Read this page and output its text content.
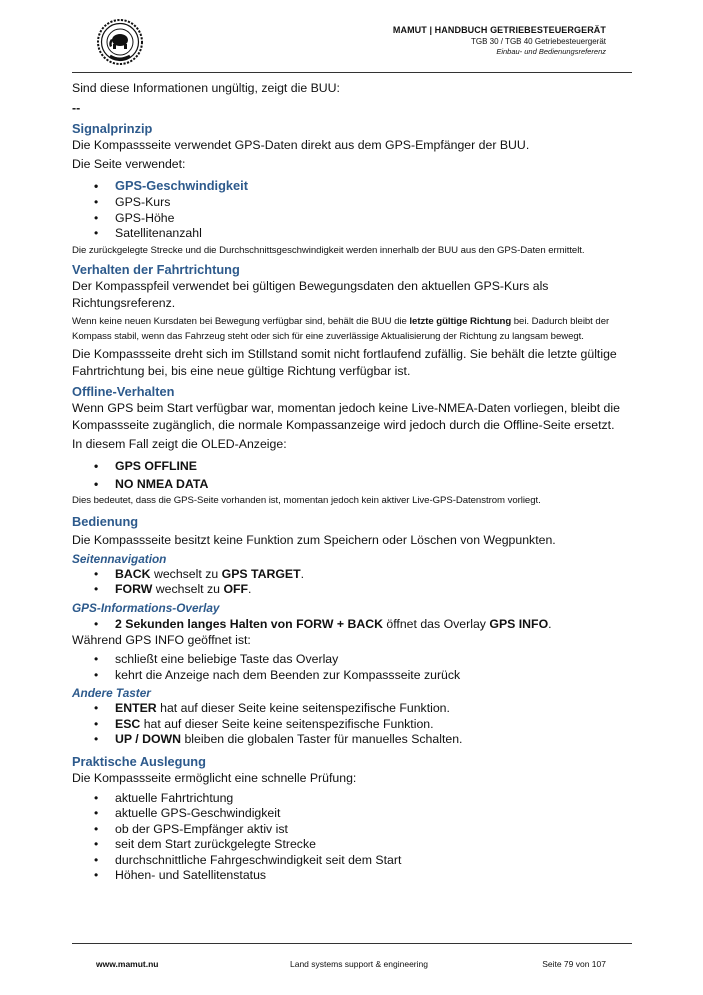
MAMUT | HANDBUCH GETRIEBESTEUERGERÄT
TGB 30 / TGB 40 Getriebesteuergerät
Einbau- und Bedienungsreferenz

Sind diese Informationen ungültig, zeigt die BUU:

--

Signalprinzip

Die Kompassseite verwendet GPS-Daten direkt aus dem GPS-Empfänger der BUU.

Die Seite verwendet:

• GPS-Geschwindigkeit
• GPS-Kurs
• GPS-Höhe
• Satellitenanzahl

Die zurückgelegte Strecke und die Durchschnittsgeschwindigkeit werden innerhalb der BUU aus den GPS-Daten ermittelt.

Verhalten der Fahrtrichtung

Der Kompasspfeil verwendet bei gültigen Bewegungsdaten den aktuellen GPS-Kurs als Richtungsreferenz.

Wenn keine neuen Kursdaten bei Bewegung verfügbar sind, behält die BUU die letzte gültige Richtung bei. Dadurch bleibt der Kompass stabil, wenn das Fahrzeug steht oder sich für eine zuverlässige Aktualisierung der Richtung zu langsam bewegt.

Die Kompassseite dreht sich im Stillstand somit nicht fortlaufend zufällig. Sie behält die letzte gültige Fahrtrichtung bei, bis eine neue gültige Richtung verfügbar ist.

Offline-Verhalten

Wenn GPS beim Start verfügbar war, momentan jedoch keine Live-NMEA-Daten vorliegen, bleibt die Kompassseite zugänglich, die normale Kompassanzeige wird jedoch durch die Offline-Seite ersetzt.

In diesem Fall zeigt die OLED-Anzeige:

• GPS OFFLINE
• NO NMEA DATA

Dies bedeutet, dass die GPS-Seite vorhanden ist, momentan jedoch kein aktiver Live-GPS-Datenstrom vorliegt.

Bedienung

Die Kompassseite besitzt keine Funktion zum Speichern oder Löschen von Wegpunkten.

Seitennavigation
• BACK wechselt zu GPS TARGET.
• FORW wechselt zu OFF.
GPS-Informations-Overlay
• 2 Sekunden langes Halten von FORW + BACK öffnet das Overlay GPS INFO.

Während GPS INFO geöffnet ist:

• schließt eine beliebige Taste das Overlay
• kehrt die Anzeige nach dem Beenden zur Kompassseite zurück
Andere Taster
• ENTER hat auf dieser Seite keine seitenspezifische Funktion.
• ESC hat auf dieser Seite keine seitenspezifische Funktion.
• UP / DOWN bleiben die globalen Taster für manuelles Schalten.
Praktische Auslegung

Die Kompassseite ermöglicht eine schnelle Prüfung:

• aktuelle Fahrtrichtung
• aktuelle GPS-Geschwindigkeit
• ob der GPS-Empfänger aktiv ist
• seit dem Start zurückgelegte Strecke
• durchschnittliche Fahrgeschwindigkeit seit dem Start
• Höhen- und Satellitenstatus
www.mamut.nu	Land systems support & engineering	Seite 79 von 107
